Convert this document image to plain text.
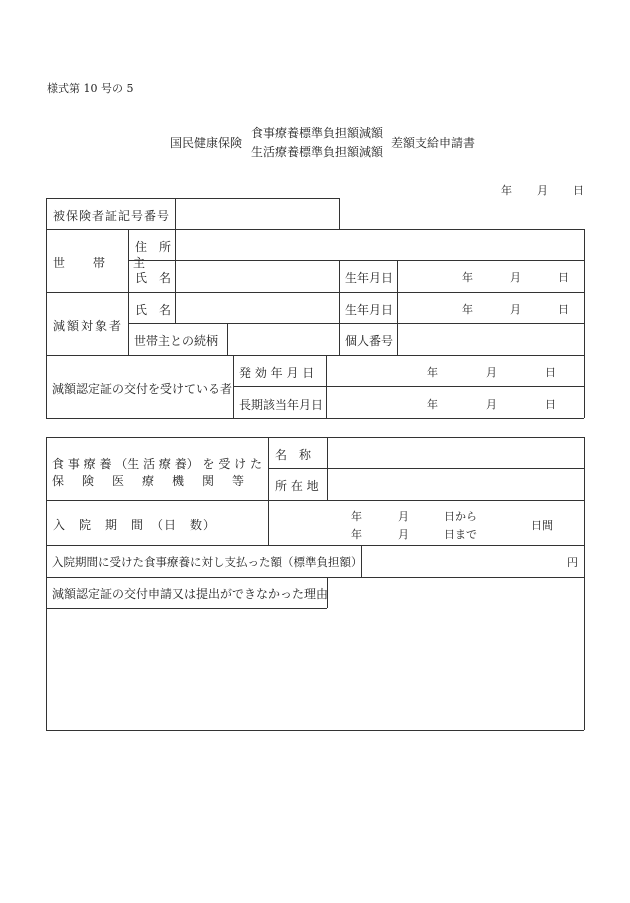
様式第 10 号の 5
国民健康保険
食事療養標準負担額減額
生活療養標準負担額減額
差額支給申請書
年 月 日
被保険者証記号番号
世　帯　主
住　所
氏　名	生年月日	年	月	日
減額対象者
氏　名	生年月日	年	月	日
世帯主との続柄	個人番号
減額認定証の交付を受けている者
発 効 年 月 日	年	月	日
長期該当年月日	年	月	日
食 事 療 養 （生 活 療 養） を 受 け た
保　険　医　療　機　関　等
名　称
所 在 地
入　院　期　間　（日　数）
年	月	日から
年	月	日まで
日間
入院期間に受けた食事療養に対し支払った額（標準負担額）	円
減額認定証の交付申請又は提出ができなかった理由
